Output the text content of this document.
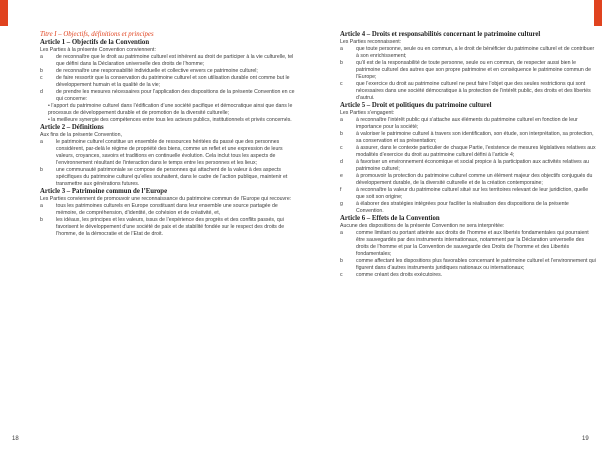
Titre I – Objectifs, définitions et principes
Article 1 – Objectifs de la Convention

Les Parties à la présente Convention conviennent:

a	de reconnaître que le droit au patrimoine culturel est inhérent au droit de participer à la vie culturelle, tel que défini dans la Déclaration universelle des droits de l’homme;
b	de reconnaître une responsabilité individuelle et collective envers ce patrimoine culturel;
c	de faire ressortir que la conservation du patrimoine culturel et son utilisation durable ont comme but le développement humain et la qualité de la vie;
d	de prendre les mesures nécessaires pour l’application des dispositions de la présente Convention en ce qui concerne:

• l’apport du patrimoine culturel dans l’édification d’une société pacifique et démocratique ainsi que dans le processus de développement durable et de promotion de la diversité culturelle;

• la meilleure synergie des compétences entre tous les acteurs publics, institutionnels et privés concernés.

Article 2 – Définitions

Aux fins de la présente Convention,

a	le patrimoine culturel constitue un ensemble de ressources héritées du passé que des personnes considèrent, par-delà le régime de propriété des biens, comme un reflet et une expression de leurs valeurs, croyances, savoirs et traditions en continuelle évolution. Cela inclut tous les aspects de l’environnement résultant de l’interaction dans le temps entre les personnes et les lieux;
b	une communauté patrimoniale se compose de personnes qui attachent de la valeur à des aspects spécifiques du patrimoine culturel qu’elles souhaitent, dans le cadre de l’action publique, maintenir et transmettre aux générations futures.
Article 3 – Patrimoine commun de l’Europe

Les Parties conviennent de promouvoir une reconnaissance du patrimoine commun de l’Europe qui recouvre:

a	tous les patrimoines culturels en Europe constituant dans leur ensemble une source partagée de mémoire, de compréhension, d’identité, de cohésion et de créativité, et,
b	les idéaux, les principes et les valeurs, issus de l’expérience des progrès et des conflits passés, qui favorisent le développement d’une société de paix et de stabilité fondée sur le respect des droits de l’homme, de la démocratie et de l’Etat de droit.
Article 4 – Droits et responsabilités concernant le patrimoine culturel

Les Parties reconnaissent:

a	que toute personne, seule ou en commun, a le droit de bénéficier du patrimoine culturel et de contribuer à son enrichissement;
b	qu’il est de la responsabilité de toute personne, seule ou en commun, de respecter aussi bien le patrimoine culturel des autres que son propre patrimoine et en conséquence le patrimoine commun de l’Europe;
c	que l’exercice du droit au patrimoine culturel ne peut faire l’objet que des seules restrictions qui sont nécessaires dans une société démocratique à la protection de l’intérêt public, des droits et des libertés d’autrui.
Article 5 – Droit et politiques du patrimoine culturel

Les Parties s’engagent:

a	à reconnaître l’intérêt public qui s’attache aux éléments du patrimoine culturel en fonction de leur importance pour la société;
b	à valoriser le patrimoine culturel à travers son identification, son étude, son interprétation, sa protection, sa conservation et sa présentation;
c	à assurer, dans le contexte particulier de chaque Partie, l’existence de mesures législatives relatives aux modalités d’exercice du droit au patrimoine culturel défini à l’article 4;
d	à favoriser un environnement économique et social propice à la participation aux activités relatives au patrimoine culturel;
e	à promouvoir la protection du patrimoine culturel comme un élément majeur des objectifs conjugués du développement durable, de la diversité culturelle et de la création contemporaine;
f	à reconnaître la valeur du patrimoine culturel situé sur les territoires relevant de leur juridiction, quelle que soit son origine;
g	à élaborer des stratégies intégrées pour faciliter la réalisation des dispositions de la présente Convention.
Article 6 – Effets de la Convention

Aucune des dispositions de la présente Convention ne sera interprétée:

a	comme limitant ou portant atteinte aux droits de l’homme et aux libertés fondamentales qui pourraient être sauvegardés par des instruments internationaux, notamment par la Déclaration universelle des droits de l’homme et par la Convention de sauvegarde des Droits de l’homme et des Libertés fondamentales;
b	comme affectant les dispositions plus favorables concernant le patrimoine culturel et l’environnement qui figurent dans d’autres instruments juridiques nationaux ou internationaux;
c	comme créant des droits exécutoires.
18	19
